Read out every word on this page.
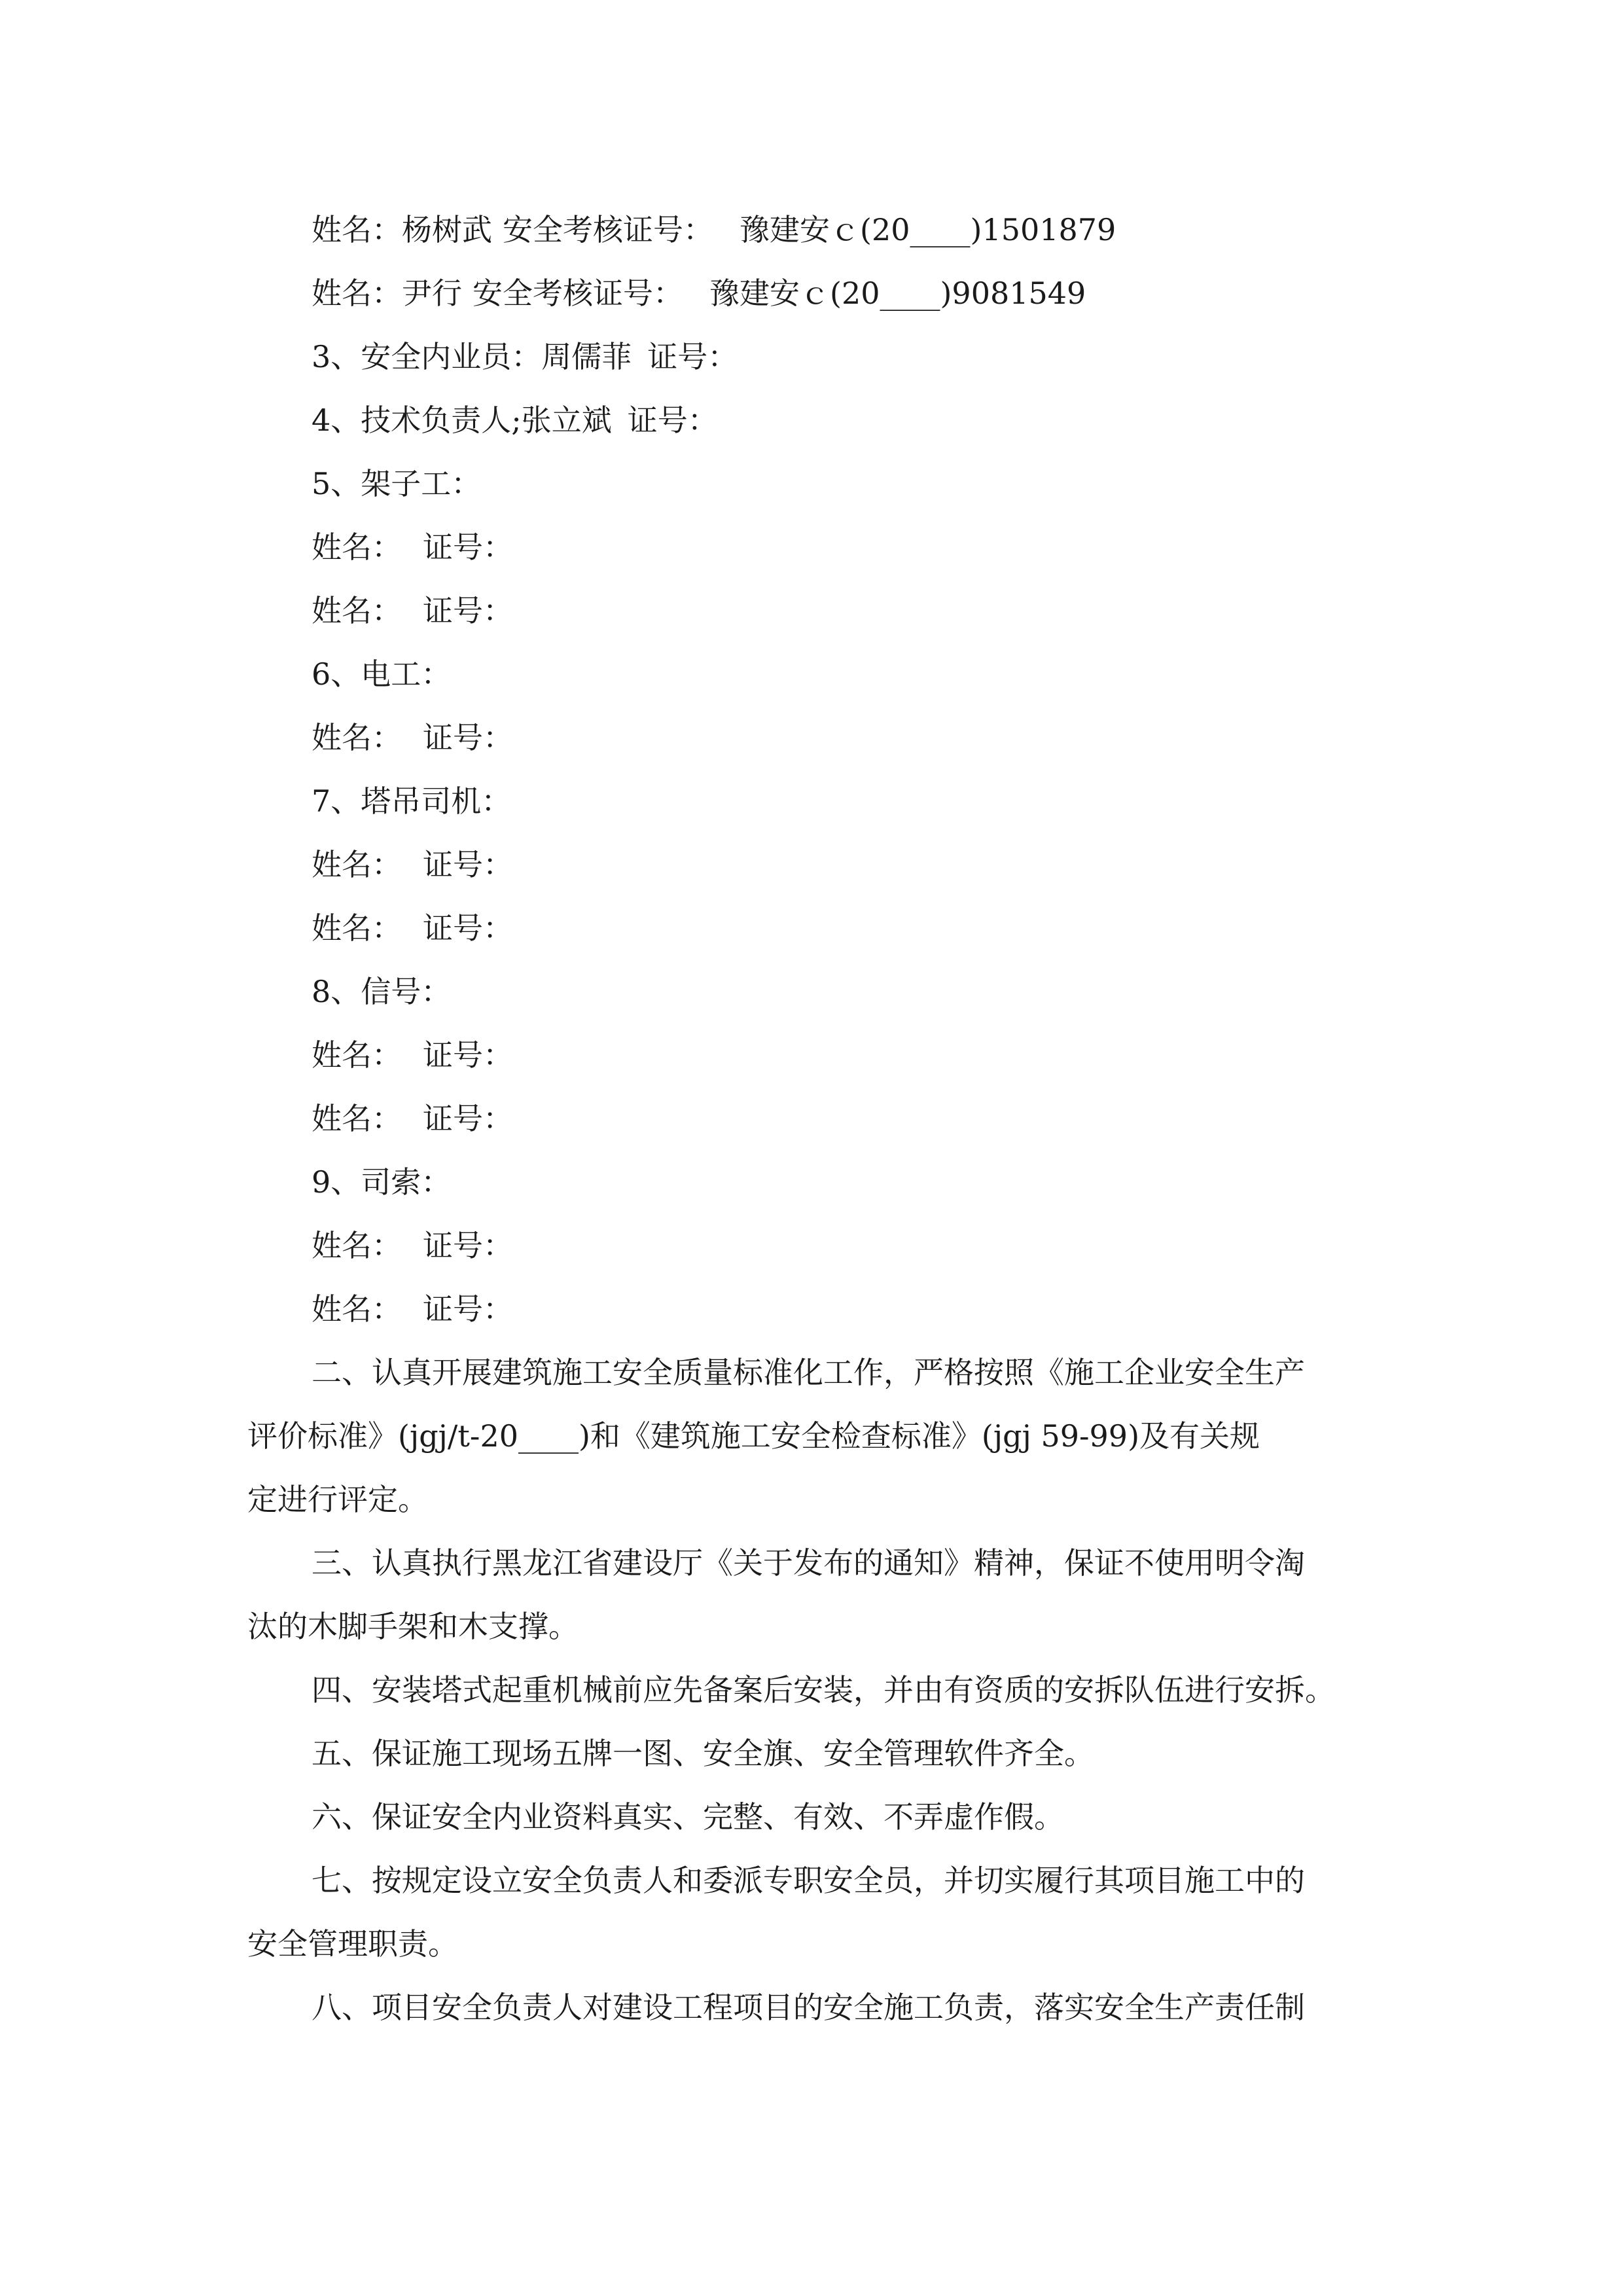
姓名：杨树武 安全考核证号： 豫建安ｃ(20____)1501879
姓名：尹行 安全考核证号： 豫建安ｃ(20____)9081549
3、安全内业员：周儒菲 证号：
4、技术负责人;张立斌 证号：
5、架子工：
姓名： 证号：
姓名： 证号：
6、电工：
姓名： 证号：
7、塔吊司机：
姓名： 证号：
姓名： 证号：
8、信号：
姓名： 证号：
姓名： 证号：
9、司索：
姓名： 证号：
姓名： 证号：
二、认真开展建筑施工安全质量标准化工作，严格按照《施工企业安全生产
评价标准》(jgj/t-20____)和《建筑施工安全检查标准》(jgj 59-99)及有关规
定进行评定。
三、认真执行黑龙江省建设厅《关于发布的通知》精神，保证不使用明令淘
汰的木脚手架和木支撑。
四、安装塔式起重机械前应先备案后安装，并由有资质的安拆队伍进行安拆。
五、保证施工现场五牌一图、安全旗、安全管理软件齐全。
六、保证安全内业资料真实、完整、有效、不弄虚作假。
七、按规定设立安全负责人和委派专职安全员，并切实履行其项目施工中的
安全管理职责。
八、项目安全负责人对建设工程项目的安全施工负责，落实安全生产责任制
